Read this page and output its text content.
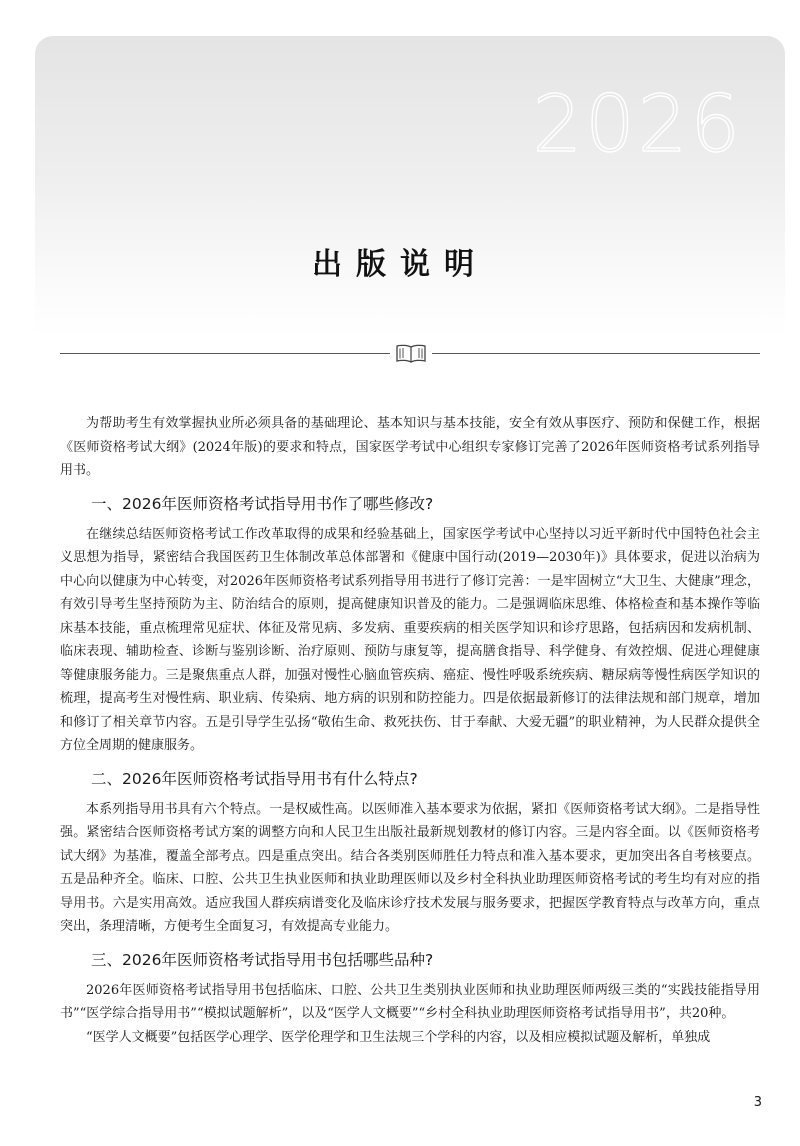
2026
出版说明

为帮助考生有效掌握执业所必须具备的基础理论、基本知识与基本技能，安全有效从事医疗、预防和保健工作，根据《医师资格考试大纲》(2024年版)的要求和特点，国家医学考试中心组织专家修订完善了2026年医师资格考试系列指导用书。

一、2026年医师资格考试指导用书作了哪些修改?

在继续总结医师资格考试工作改革取得的成果和经验基础上，国家医学考试中心坚持以习近平新时代中国特色社会主义思想为指导，紧密结合我国医药卫生体制改革总体部署和《健康中国行动(2019—2030年)》具体要求，促进以治病为中心向以健康为中心转变，对2026年医师资格考试系列指导用书进行了修订完善：一是牢固树立“大卫生、大健康”理念，有效引导考生坚持预防为主、防治结合的原则，提高健康知识普及的能力。二是强调临床思维、体格检查和基本操作等临床基本技能，重点梳理常见症状、体征及常见病、多发病、重要疾病的相关医学知识和诊疗思路，包括病因和发病机制、临床表现、辅助检查、诊断与鉴别诊断、治疗原则、预防与康复等，提高膳食指导、科学健身、有效控烟、促进心理健康等健康服务能力。三是聚焦重点人群，加强对慢性心脑血管疾病、癌症、慢性呼吸系统疾病、糖尿病等慢性病医学知识的梳理，提高考生对慢性病、职业病、传染病、地方病的识别和防控能力。四是依据最新修订的法律法规和部门规章，增加和修订了相关章节内容。五是引导学生弘扬“敬佑生命、救死扶伤、甘于奉献、大爱无疆”的职业精神，为人民群众提供全方位全周期的健康服务。

二、2026年医师资格考试指导用书有什么特点?

本系列指导用书具有六个特点。一是权威性高。以医师准入基本要求为依据，紧扣《医师资格考试大纲》。二是指导性强。紧密结合医师资格考试方案的调整方向和人民卫生出版社最新规划教材的修订内容。三是内容全面。以《医师资格考试大纲》为基准，覆盖全部考点。四是重点突出。结合各类别医师胜任力特点和准入基本要求，更加突出各自考核要点。五是品种齐全。临床、口腔、公共卫生执业医师和执业助理医师以及乡村全科执业助理医师资格考试的考生均有对应的指导用书。六是实用高效。适应我国人群疾病谱变化及临床诊疗技术发展与服务要求，把握医学教育特点与改革方向，重点突出，条理清晰，方便考生全面复习，有效提高专业能力。

三、2026年医师资格考试指导用书包括哪些品种?

2026年医师资格考试指导用书包括临床、口腔、公共卫生类别执业医师和执业助理医师两级三类的“实践技能指导用书”“医学综合指导用书”“模拟试题解析”，以及“医学人文概要”“乡村全科执业助理医师资格考试指导用书”，共20种。

“医学人文概要”包括医学心理学、医学伦理学和卫生法规三个学科的内容，以及相应模拟试题及解析，单独成

3
